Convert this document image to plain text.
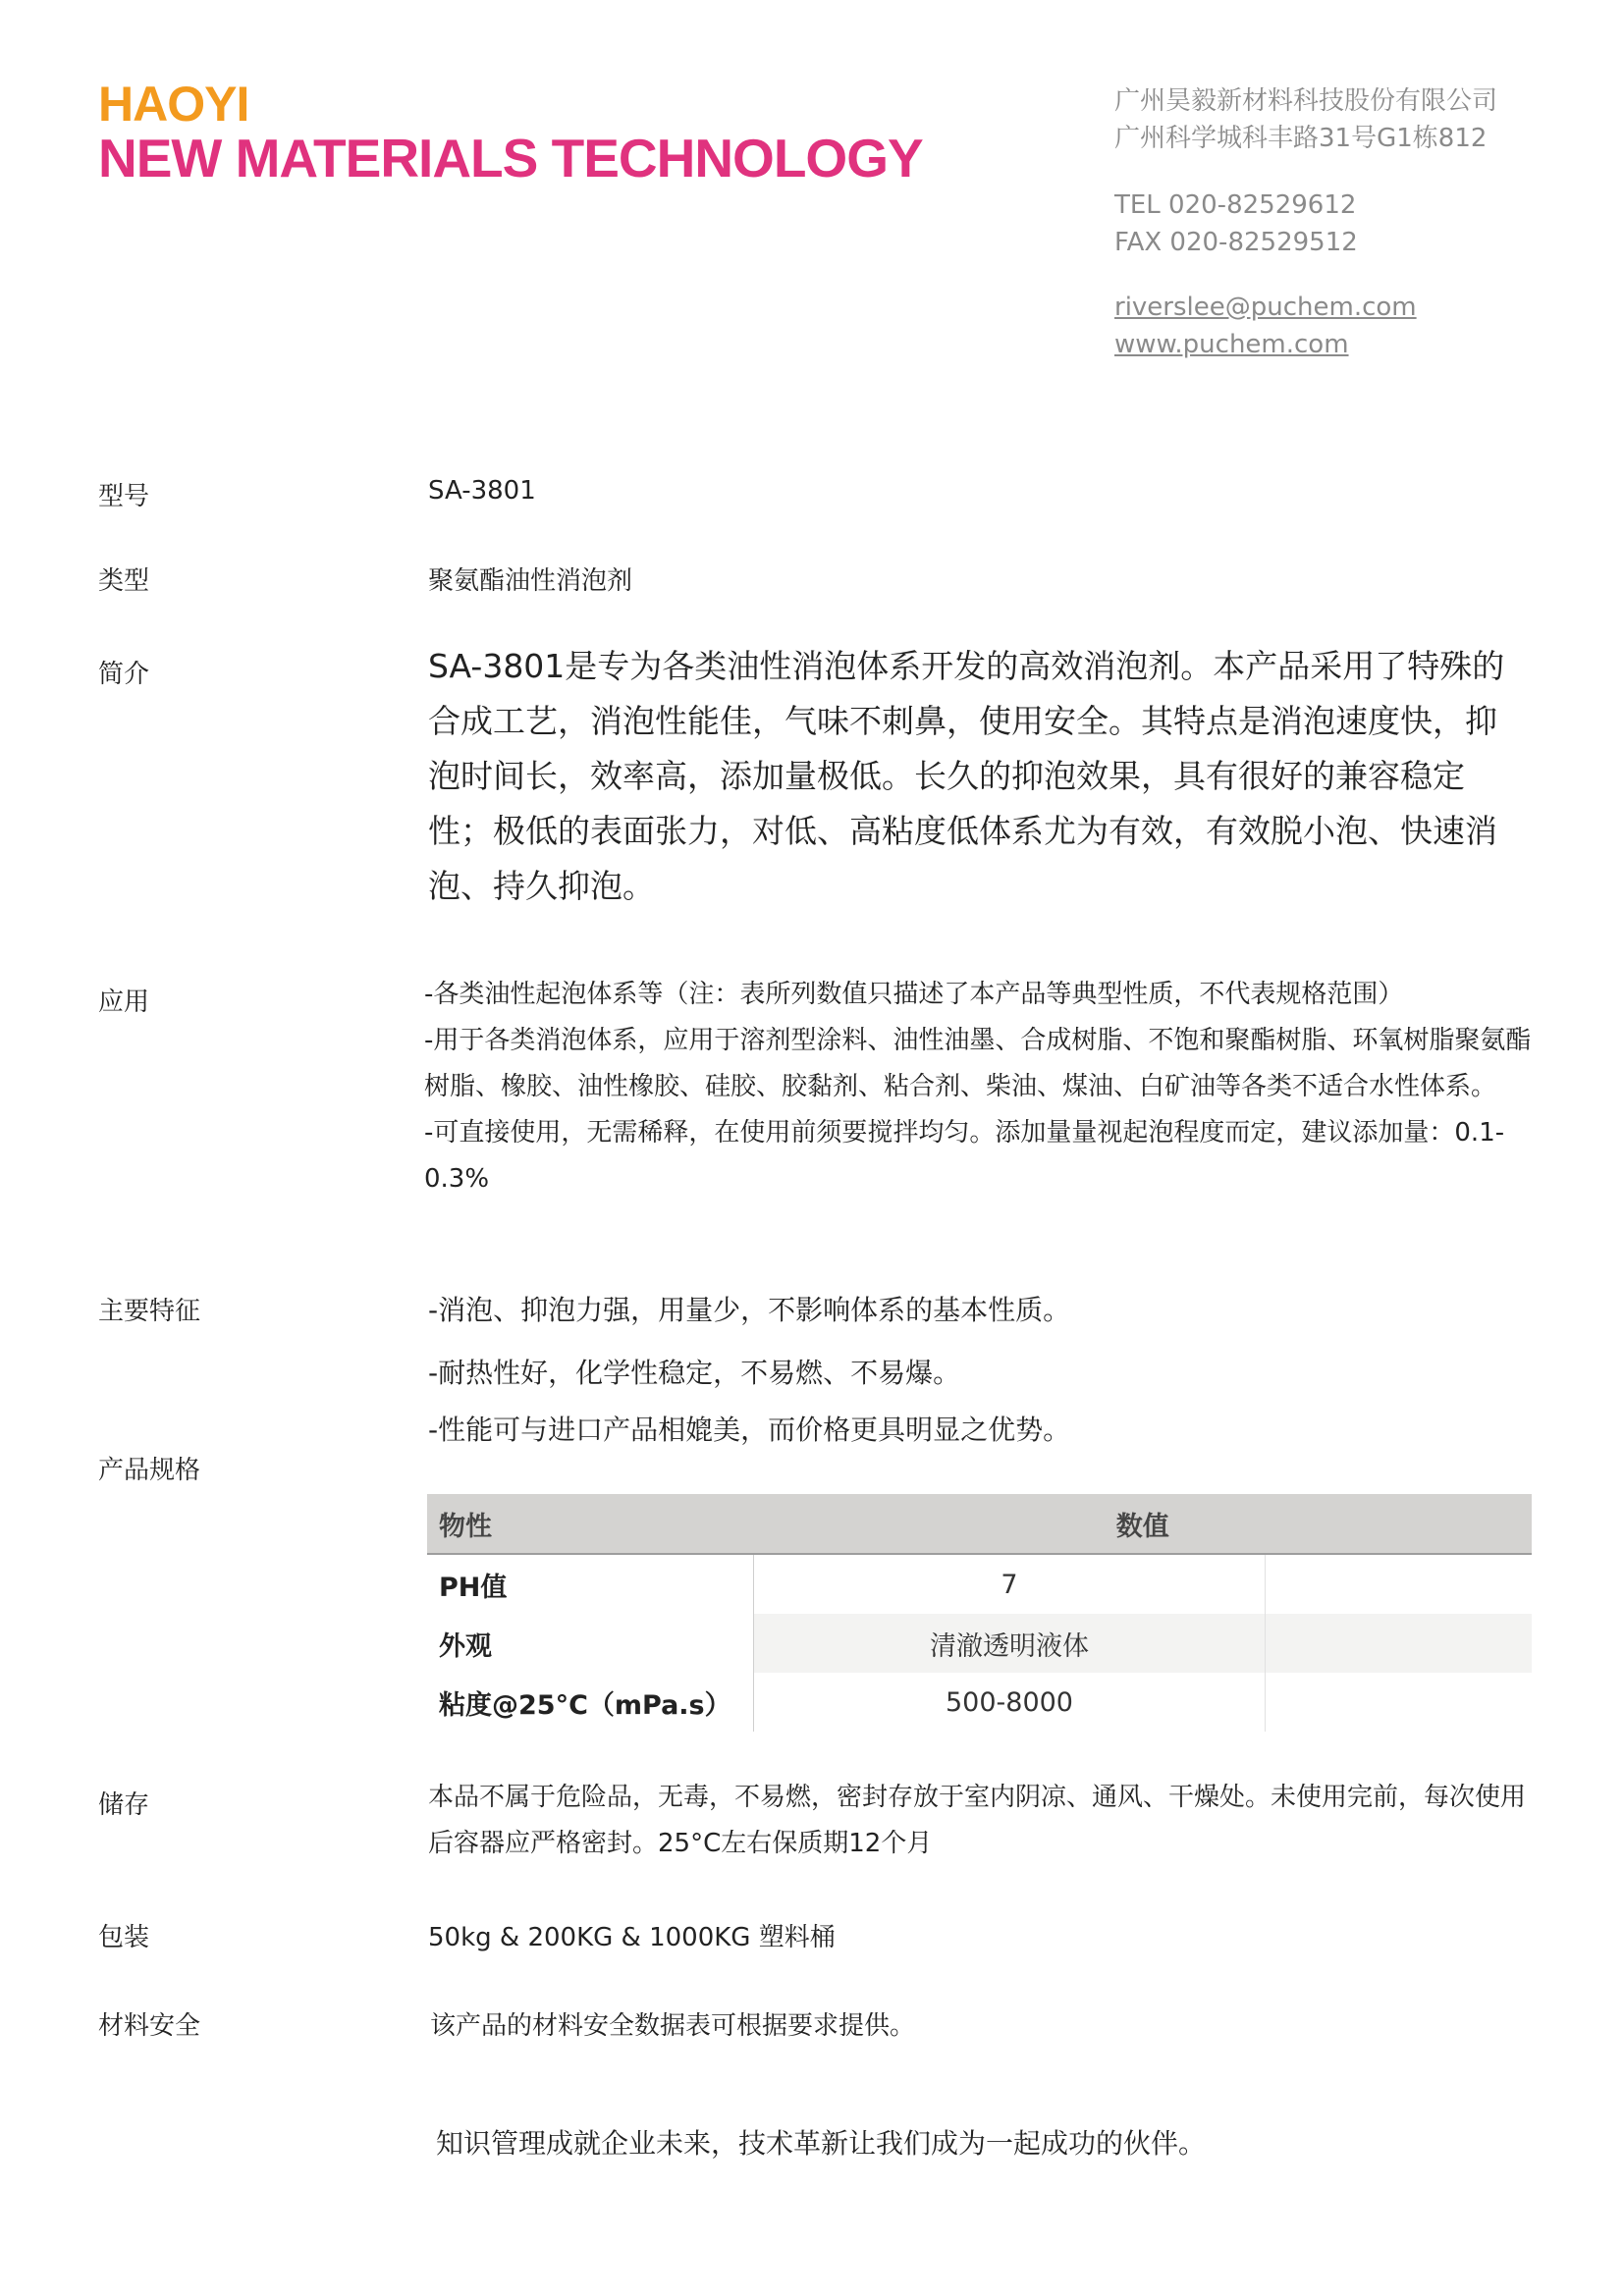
HAOYI
NEW MATERIALS TECHNOLOGY
广州昊毅新材料科技股份有限公司
广州科学城科丰路31号G1栋812
TEL 020-82529612
FAX 020-82529512
riverslee@puchem.com
www.puchem.com
型号	SA-3801
类型	聚氨酯油性消泡剂
简介	SA-3801是专为各类油性消泡体系开发的高效消泡剂。本产品采用了特殊的合成工艺，消泡性能佳，气味不刺鼻，使用安全。其特点是消泡速度快，抑泡时间长，效率高，添加量极低。长久的抑泡效果，具有很好的兼容稳定性；极低的表面张力，对低、高粘度低体系尤为有效，有效脱小泡、快速消泡、持久抑泡。
应用	-各类油性起泡体系等（注：表所列数值只描述了本产品等典型性质，不代表规格范围）
-用于各类消泡体系，应用于溶剂型涂料、油性油墨、合成树脂、不饱和聚酯树脂、环氧树脂聚氨酯树脂、橡胶、油性橡胶、硅胶、胶黏剂、粘合剂、柴油、煤油、白矿油等各类不适合水性体系。
-可直接使用，无需稀释，在使用前须要搅拌均匀。添加量量视起泡程度而定，建议添加量：0.1-0.3%
主要特征	-消泡、抑泡力强，用量少，不影响体系的基本性质。
-耐热性好，化学性稳定，不易燃、不易爆。
-性能可与进口产品相媲美，而价格更具明显之优势。
产品规格
物性	数值	
PH值	7	
外观	清澈透明液体	
粘度@25°C（mPa.s）	500-8000	
储存	本品不属于危险品，无毒，不易燃，密封存放于室内阴凉、通风、干燥处。未使用完前，每次使用后容器应严格密封。25°C左右保质期12个月
包装	50kg & 200KG & 1000KG 塑料桶
材料安全	该产品的材料安全数据表可根据要求提供。
知识管理成就企业未来，技术革新让我们成为一起成功的伙伴。
